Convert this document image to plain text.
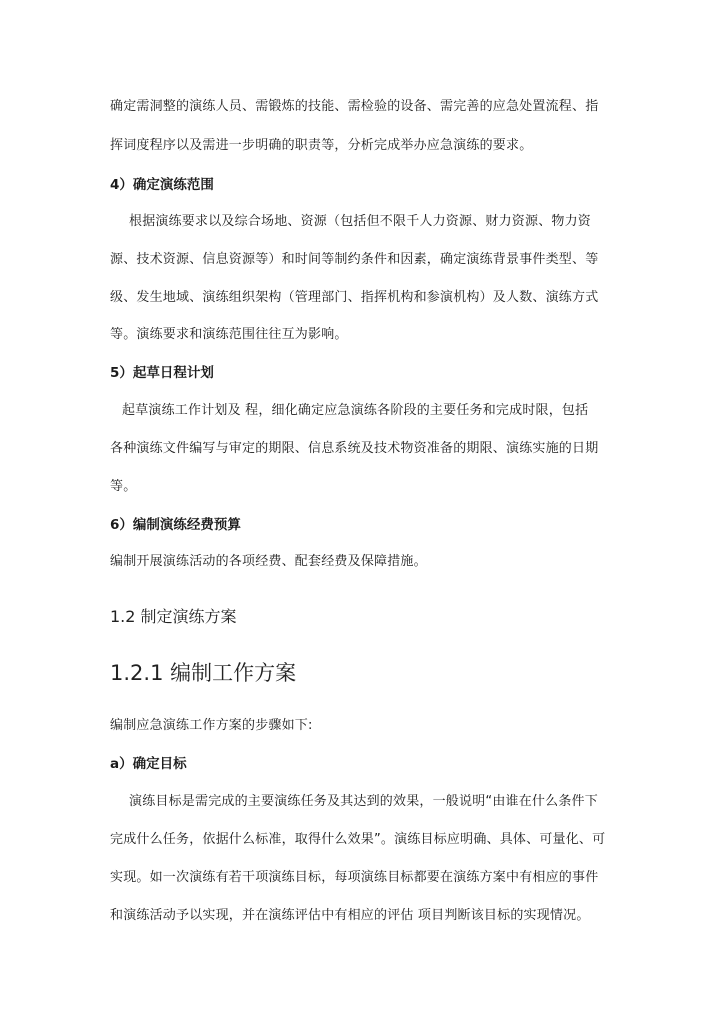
确定需洞整的演练人员、需锻炼的技能、需检验的设备、需完善的应急处置流程、指
挥词度程序以及需进一步明确的职责等，分析完成举办应急演练的要求。
4）确定演练范围
根据演练要求以及综合场地、资源（包括但不限千人力资源、财力资源、物力资
源、技术资源、信息资源等）和时间等制约条件和因素，确定演练背景事件类型、等
级、发生地域、演练组织架构（管理部门、指挥机构和参演机构）及人数、演练方式
等。演练要求和演练范围往往互为影响。
5）起草日程计划
起草演练工作计划及 程，细化确定应急演练各阶段的主要任务和完成时限，包括
各种演练文件编写与审定的期限、信息系统及技术物资准备的期限、演练实施的日期
等。
6）编制演练经费预算
编制开展演练活动的各项经费、配套经费及保障措施。
1.2 制定演练方案
1.2.1 编制工作方案
编制应急演练工作方案的步骤如下:
a）确定目标
演练目标是需完成的主要演练任务及其达到的效果，一般说明“由谁在什么条件下
完成什么任务，依据什么标准，取得什么效果”。演练目标应明确、具体、可量化、可
实现。如一次演练有若干项演练目标，每项演练目标都要在演练方案中有相应的事件
和演练活动予以实现，并在演练评估中有相应的评估 项目判断该目标的实现情况。
